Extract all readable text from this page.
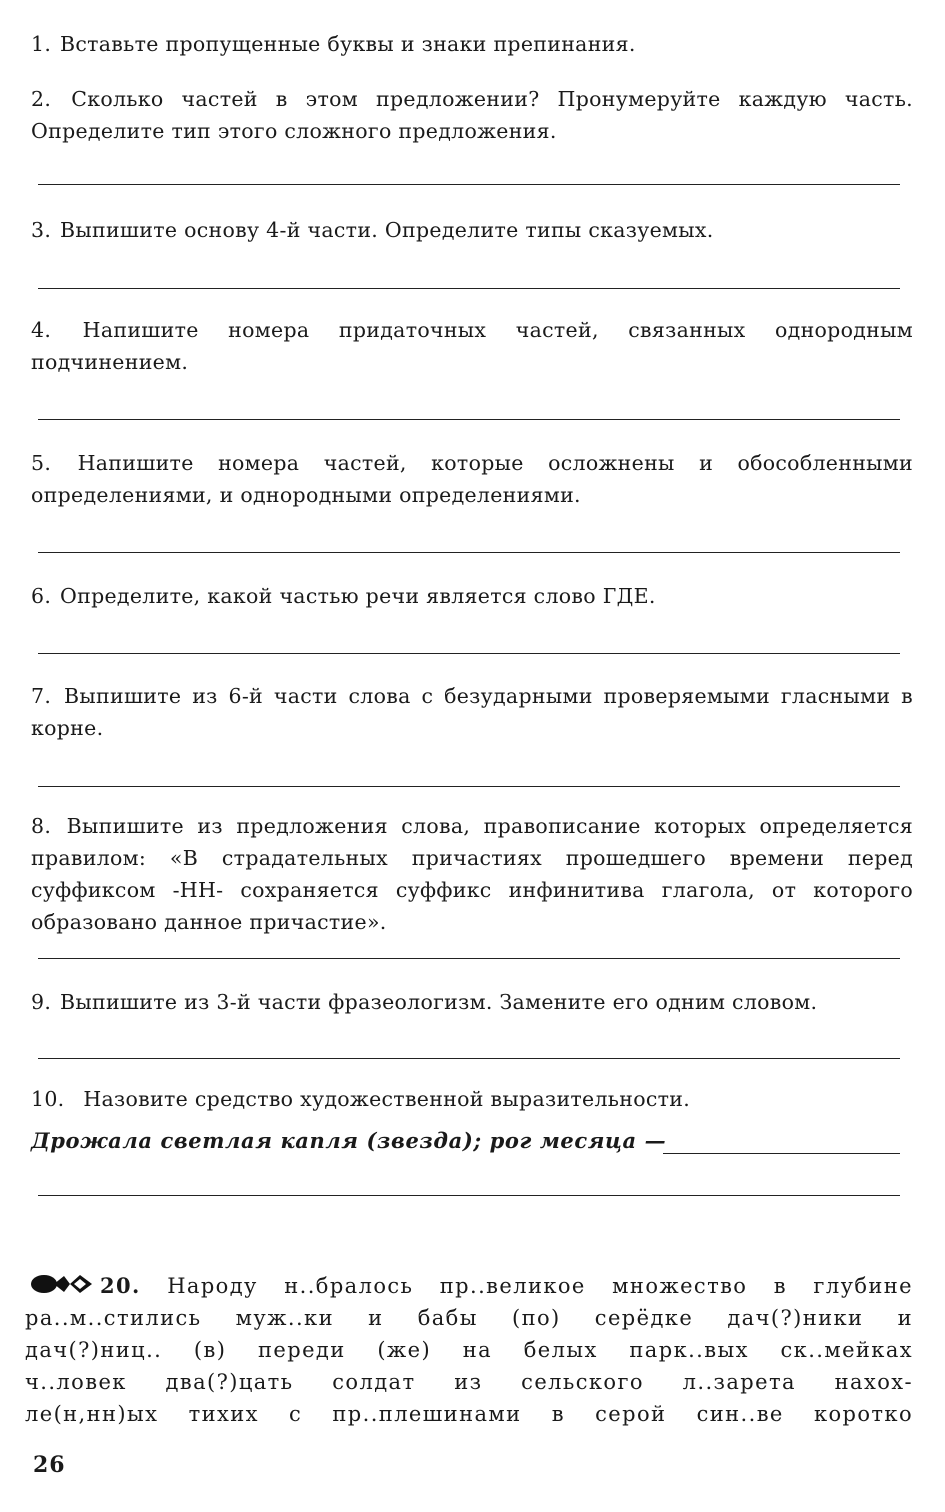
1. Вставьте пропущенные буквы и знаки препинания.
2. Сколько частей в этом предложении? Пронумеруйте каждую часть. Определите тип этого сложного предложения.
3. Выпишите основу 4-й части. Определите типы сказуемых.
4. Напишите номера придаточных частей, связанных однородным подчинением.
5. Напишите номера частей, которые осложнены и обособленными определениями, и однородными определениями.
6. Определите, какой частью речи является слово ГДЕ.
7. Выпишите из 6-й части слова с безударными проверяемыми гласными в корне.
8. Выпишите из предложения слова, правописание которых определяется правилом: «В страдательных причастиях прошедшего времени перед суффиксом -НН- сохраняется суффикс инфинитива глагола, от которого образовано данное причастие».
9. Выпишите из 3-й части фразеологизм. Замените его одним словом.
10. Назовите средство художественной выразительности.
Дрожала светлая капля (звезда); рог месяца —
20. Народу н..бралось пр..великое множество в глубине
ра..м..стились муж..ки и бабы (по) серёдке дач(?)ники и
дач(?)ниц.. (в) переди (же) на белых парк..вых ск..мейках
ч..ловек два(?)цать солдат из сельского л..зарета нахох-
ле(н,нн)ых тихих с пр..плешинами в серой син..ве коротко
26
